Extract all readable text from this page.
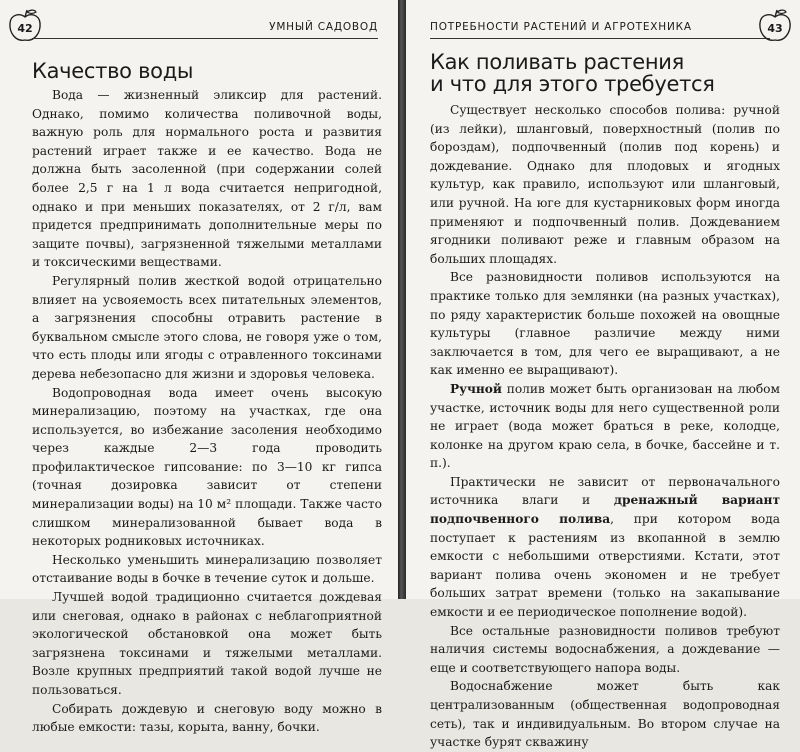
42	УМНЫЙ САДОВОД
Качество воды

Вода — жизненный эликсир для растений. Однако, помимо количества поливочной воды, важную роль для нормального роста и развития растений играет также и ее качество. Вода не должна быть засоленной (при содержании солей более 2,5 г на 1 л вода считается непригодной, однако и при меньших показателях, от 2 г/л, вам придется предпринимать дополнительные меры по защите почвы), загрязненной тяжелыми металлами и токсическими веществами.

Регулярный полив жесткой водой отрицательно влияет на усвояемость всех питательных элементов, а загрязнения способны отравить растение в буквальном смысле этого слова, не говоря уже о том, что есть плоды или ягоды с отравленного токсинами дерева небезопасно для жизни и здоровья человека.

Водопроводная вода имеет очень высокую минерализацию, поэтому на участках, где она используется, во избежание засоления необходимо через каждые 2—3 года проводить профилактическое гипсование: по 3—10 кг гипса (точная дозировка зависит от степени минерализации воды) на 10 м² площади. Также часто слишком минерализованной бывает вода в некоторых родниковых источниках.

Несколько уменьшить минерализацию позволяет отстаивание воды в бочке в течение суток и дольше.

Лучшей водой традиционно считается дождевая или снеговая, однако в районах с неблагоприятной экологической обстановкой она может быть загрязнена токсинами и тяжелыми металлами. Возле крупных предприятий такой водой лучше не пользоваться.

Собирать дождевую и снеговую воду можно в любые емкости: тазы, корыта, ванну, бочки.

ПОТРЕБНОСТИ РАСТЕНИЙ И АГРОТЕХНИКА	43
Как поливать растения
и что для этого требуется

Существует несколько способов полива: ручной (из лейки), шланговый, поверхностный (полив по бороздам), подпочвенный (полив под корень) и дождевание. Однако для плодовых и ягодных культур, как правило, используют или шланговый, или ручной. На юге для кустарниковых форм иногда применяют и подпочвенный полив. Дождеванием ягодники поливают реже и главным образом на больших площадях.

Все разновидности поливов используются на практике только для землянки (на разных участках), по ряду характеристик больше похожей на овощные культуры (главное различие между ними заключается в том, для чего ее выращивают, а не как именно ее выращивают).

Ручной полив может быть организован на любом участке, источник воды для него существенной роли не играет (вода может браться в реке, колодце, колонке на другом краю села, в бочке, бассейне и т. п.).

Практически не зависит от первоначального источника влаги и дренажный вариант подпочвенного полива, при котором вода поступает к растениям из вкопанной в землю емкости с небольшими отверстиями. Кстати, этот вариант полива очень экономен и не требует больших затрат времени (только на закапывание емкости и ее периодическое пополнение водой).

Все остальные разновидности поливов требуют наличия системы водоснабжения, а дождевание — еще и соответствующего напора воды.

Водоснабжение может быть как централизованным (общественная водопроводная сеть), так и индивидуальным. Во втором случае на участке бурят скважину
